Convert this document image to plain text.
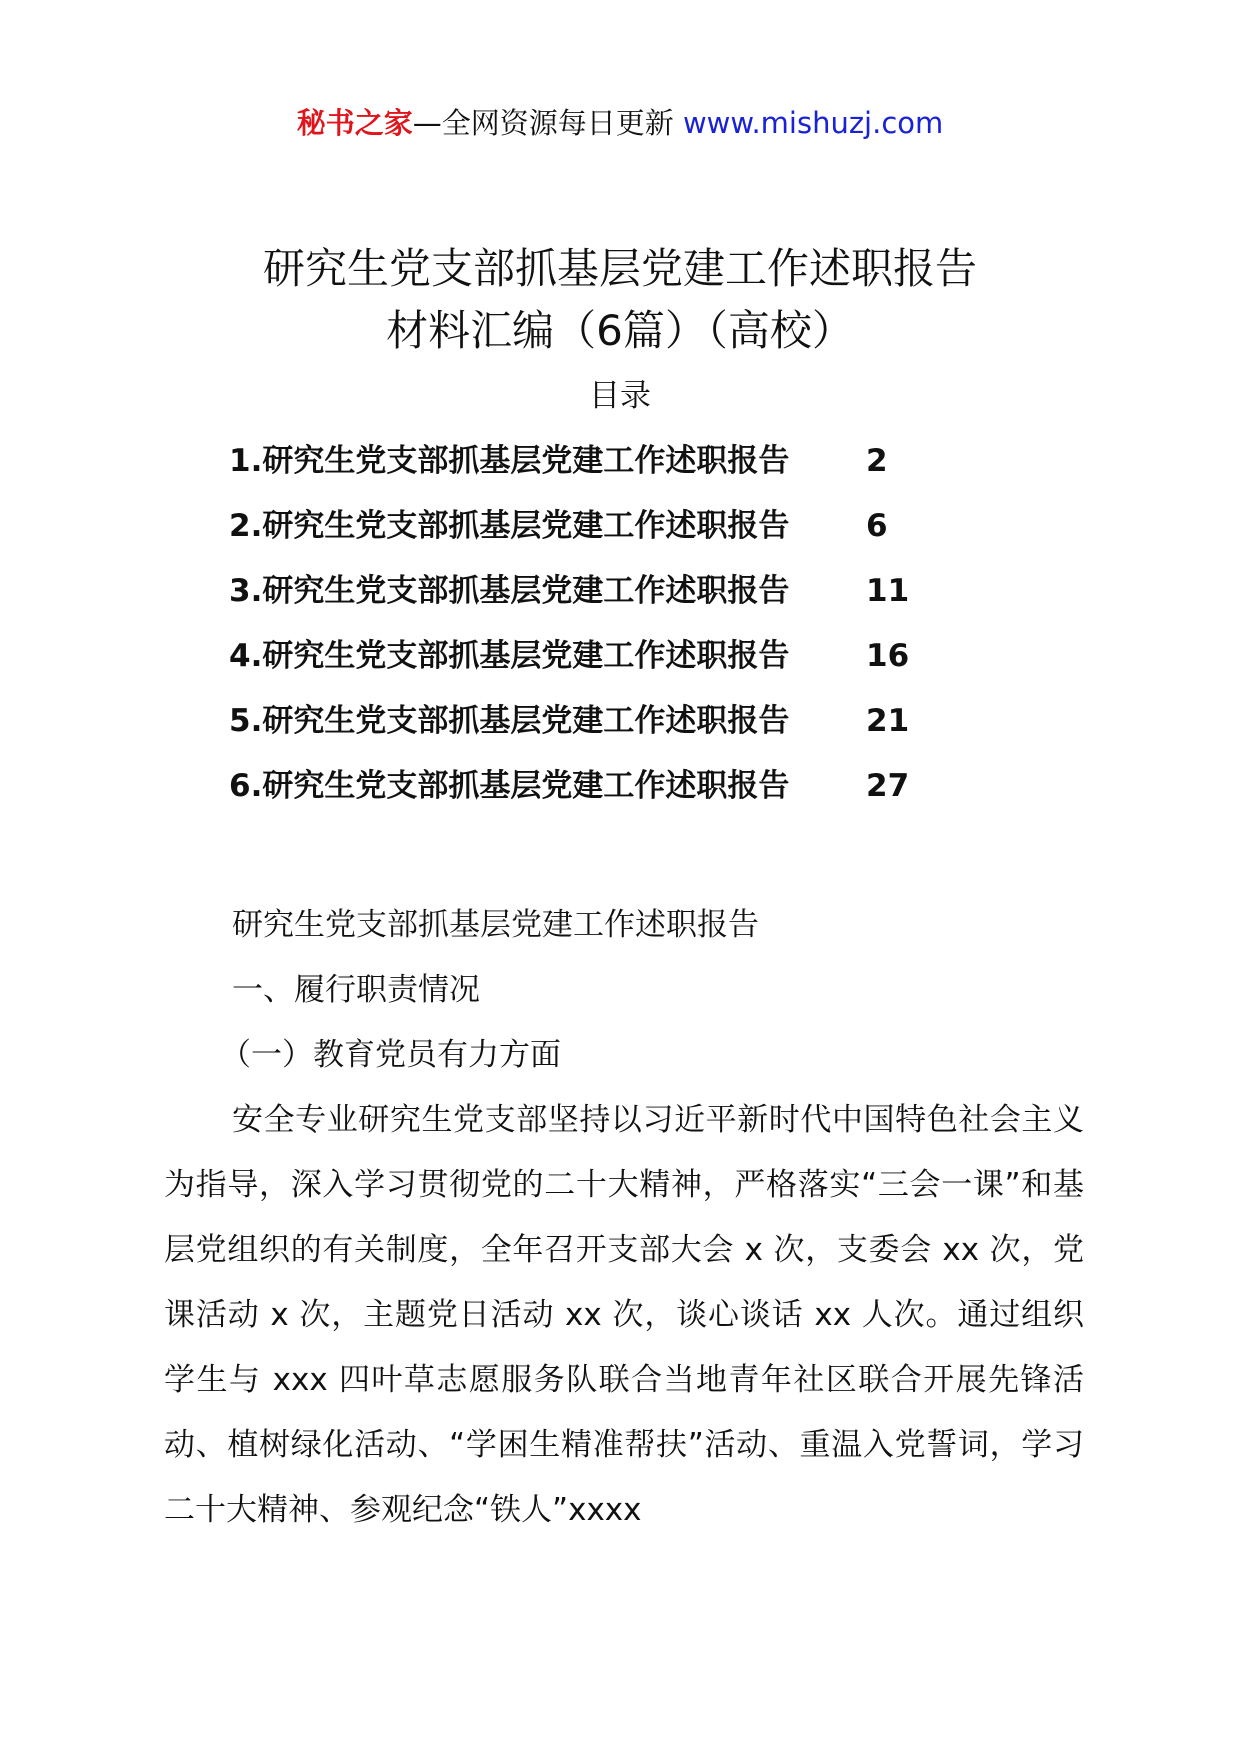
秘书之家—全网资源每日更新 www.mishuzj.com
研究生党支部抓基层党建工作述职报告
材料汇编（6篇）（高校）
目录
1.研究生党支部抓基层党建工作述职报告 2
2.研究生党支部抓基层党建工作述职报告 6
3.研究生党支部抓基层党建工作述职报告 11
4.研究生党支部抓基层党建工作述职报告 16
5.研究生党支部抓基层党建工作述职报告 21
6.研究生党支部抓基层党建工作述职报告 27

研究生党支部抓基层党建工作述职报告

一、履行职责情况

（一）教育党员有力方面

安全专业研究生党支部坚持以习近平新时代中国特色社会主义为指导，深入学习贯彻党的二十大精神，严格落实“三会一课”和基层党组织的有关制度，全年召开支部大会 x 次，支委会 xx 次，党课活动 x 次，主题党日活动 xx 次，谈心谈话 xx 人次。通过组织学生与 xxx 四叶草志愿服务队联合当地青年社区联合开展先锋活动、植树绿化活动、“学困生精准帮扶”活动、重温入党誓词，学习二十大精神、参观纪念“铁人”xxxx
